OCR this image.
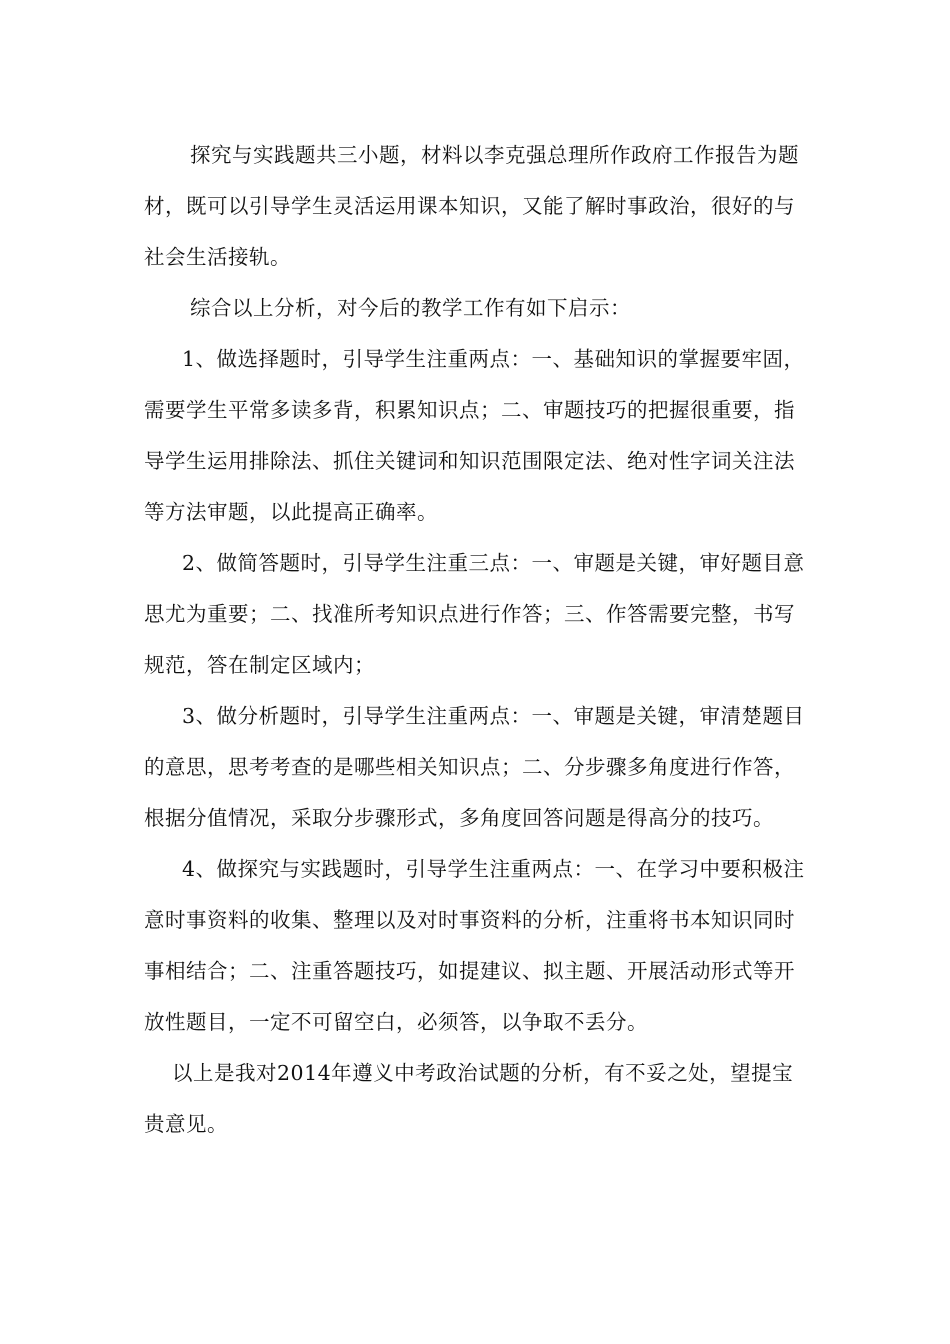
探究与实践题共三小题，材料以李克强总理所作政府工作报告为题材，既可以引导学生灵活运用课本知识，又能了解时事政治，很好的与社会生活接轨。

综合以上分析，对今后的教学工作有如下启示：

1、做选择题时，引导学生注重两点：一、基础知识的掌握要牢固，需要学生平常多读多背，积累知识点；二、审题技巧的把握很重要，指导学生运用排除法、抓住关键词和知识范围限定法、绝对性字词关注法等方法审题，以此提高正确率。

2、做简答题时，引导学生注重三点：一、审题是关键，审好题目意思尤为重要；二、找准所考知识点进行作答；三、作答需要完整，书写规范，答在制定区域内；

3、做分析题时，引导学生注重两点：一、审题是关键，审清楚题目的意思，思考考查的是哪些相关知识点；二、分步骤多角度进行作答，根据分值情况，采取分步骤形式，多角度回答问题是得高分的技巧。

4、做探究与实践题时，引导学生注重两点：一、在学习中要积极注意时事资料的收集、整理以及对时事资料的分析，注重将书本知识同时事相结合；二、注重答题技巧，如提建议、拟主题、开展活动形式等开放性题目，一定不可留空白，必须答，以争取不丢分。

以上是我对2014年遵义中考政治试题的分析，有不妥之处，望提宝贵意见。
